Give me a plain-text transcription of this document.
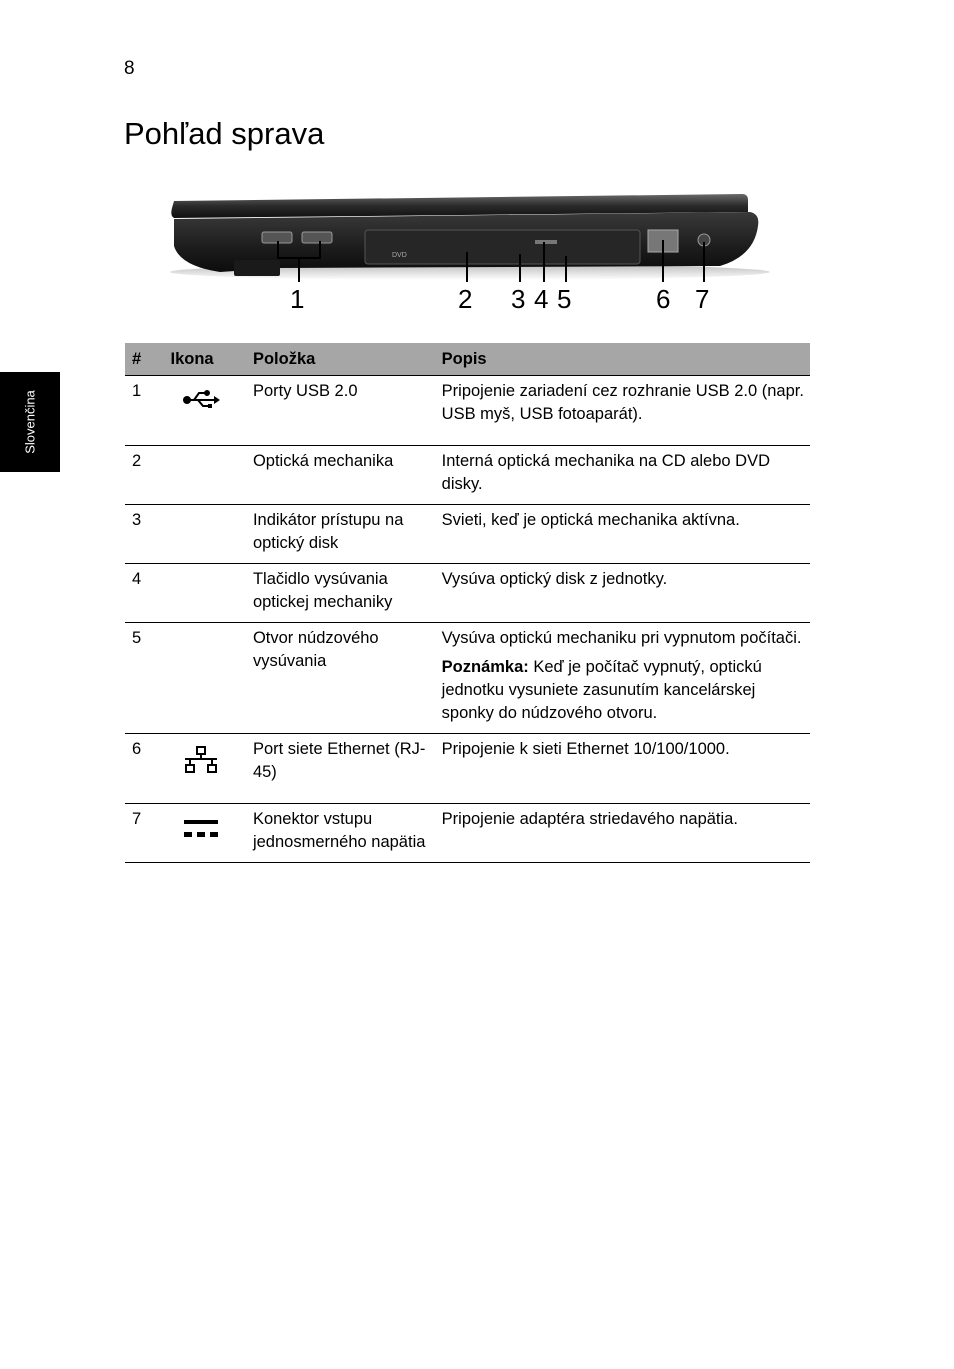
8
Pohľad sprava
Slovenčina
DVD
1	2 3 4 5	6 7
#	Ikona	Položka	Popis
1		Porty USB 2.0	Pripojenie zariadení cez rozhranie USB 2.0 (napr. USB myš, USB fotoaparát).
2		Optická mechanika	Interná optická mechanika na CD alebo DVD disky.
3		Indikátor prístupu na optický disk	Svieti, keď je optická mechanika aktívna.
4		Tlačidlo vysúvania optickej mechaniky	Vysúva optický disk z jednotky.
5		Otvor núdzového vysúvania	Vysúva optickú mechaniku pri vypnutom počítači.
Poznámka: Keď je počítač vypnutý, optickú jednotku vysuniete zasunutím kancelárskej sponky do núdzového otvoru.

6		Port siete Ethernet (RJ-45)	Pripojenie k sieti Ethernet 10/100/1000.
7		Konektor vstupu jednosmerného napätia	Pripojenie adaptéra striedavého napätia.
